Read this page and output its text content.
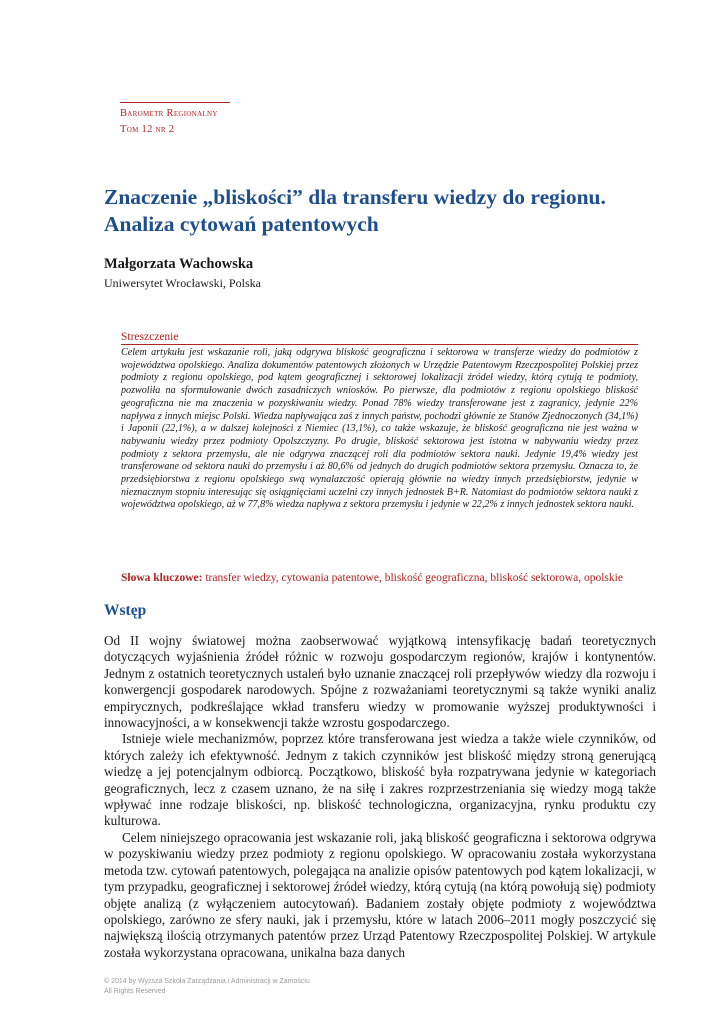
Barometr Regionalny
Tom 12 nr 2
Znaczenie „bliskości” dla transferu wiedzy do regionu.
Analiza cytowań patentowych
Małgorzata Wachowska
Uniwersytet Wrocławski, Polska
Streszczenie
Celem artykułu jest wskazanie roli, jaką odgrywa bliskość geograficzna i sektorowa w transferze wiedzy do podmiotów z województwa opolskiego. Analiza dokumentów patentowych złożonych w Urzędzie Patentowym Rzeczpospolitej Polskiej przez podmioty z regionu opolskiego, pod kątem geograficznej i sektorowej lokalizacji źródeł wiedzy, którą cytują te podmioty, pozwoliła na sformułowanie dwóch zasadniczych wniosków. Po pierwsze, dla podmiotów z regionu opolskiego bliskość geograficzna nie ma znaczenia w pozyskiwaniu wiedzy. Ponad 78% wiedzy transferowane jest z zagranicy, jedynie 22% napływa z innych miejsc Polski. Wiedza napływająca zaś z innych państw, pochodzi głównie ze Stanów Zjednoczonych (34,1%) i Japonii (22,1%), a w dalszej kolejności z Niemiec (13,1%), co także wskazuje, że bliskość geograficzna nie jest ważna w nabywaniu wiedzy przez podmioty Opolszczyzny. Po drugie, bliskość sektorowa jest istotna w nabywaniu wiedzy przez podmioty z sektora przemysłu, ale nie odgrywa znaczącej roli dla podmiotów sektora nauki. Jedynie 19,4% wiedzy jest transferowane od sektora nauki do przemysłu i aż 80,6% od jednych do drugich podmiotów sektora przemysłu. Oznacza to, że przedsiębiorstwa z regionu opolskiego swą wynalazczość opierają głównie na wiedzy innych przedsiębiorstw, jedynie w nieznacznym stopniu interesując się osiągnięciami uczelni czy innych jednostek B+R. Natomiast do podmiotów sektora nauki z województwa opolskiego, aż w 77,8% wiedza napływa z sektora przemysłu i jedynie w 22,2% z innych jednostek sektora nauki.
Słowa kluczowe: transfer wiedzy, cytowania patentowe, bliskość geograficzna, bliskość sektorowa, opolskie
Wstęp

Od II wojny światowej można zaobserwować wyjątkową intensyfikację badań teoretycznych dotyczących wyjaśnienia źródeł różnic w rozwoju gospodarczym regionów, krajów i kontynentów. Jednym z ostatnich teoretycznych ustaleń było uznanie znaczącej roli przepływów wiedzy dla rozwoju i konwergencji gospodarek narodowych. Spójne z rozważaniami teoretycznymi są także wyniki analiz empirycznych, podkreślające wkład transferu wiedzy w promowanie wyższej produktywności i innowacyjności, a w konsekwencji także wzrostu gospodarczego.

Istnieje wiele mechanizmów, poprzez które transferowana jest wiedza a także wiele czynników, od których zależy ich efektywność. Jednym z takich czynników jest bliskość między stroną generującą wiedzę a jej potencjalnym odbiorcą. Początkowo, bliskość była rozpatrywana jedynie w kategoriach geograficznych, lecz z czasem uznano, że na siłę i zakres rozprzestrzeniania się wiedzy mogą także wpływać inne rodzaje bliskości, np. bliskość technologiczna, organizacyjna, rynku produktu czy kulturowa.

Celem niniejszego opracowania jest wskazanie roli, jaką bliskość geograficzna i sektorowa odgrywa w pozyskiwaniu wiedzy przez podmioty z regionu opolskiego. W opracowaniu została wykorzystana metoda tzw. cytowań patentowych, polegająca na analizie opisów patentowych pod kątem lokalizacji, w tym przypadku, geograficznej i sektorowej źródeł wiedzy, którą cytują (na którą powołują się) podmioty objęte analizą (z wyłączeniem autocytowań). Badaniem zostały objęte podmioty z województwa opolskiego, zarówno ze sfery nauki, jak i przemysłu, które w latach 2006–2011 mogły poszczycić się największą ilością otrzymanych patentów przez Urząd Patentowy Rzeczpospolitej Polskiej. W artykule została wykorzystana opracowana, unikalna baza danych

© 2014 by Wyższa Szkoła Zarządzania i Administracji w Zamościu
All Rights Reserved
